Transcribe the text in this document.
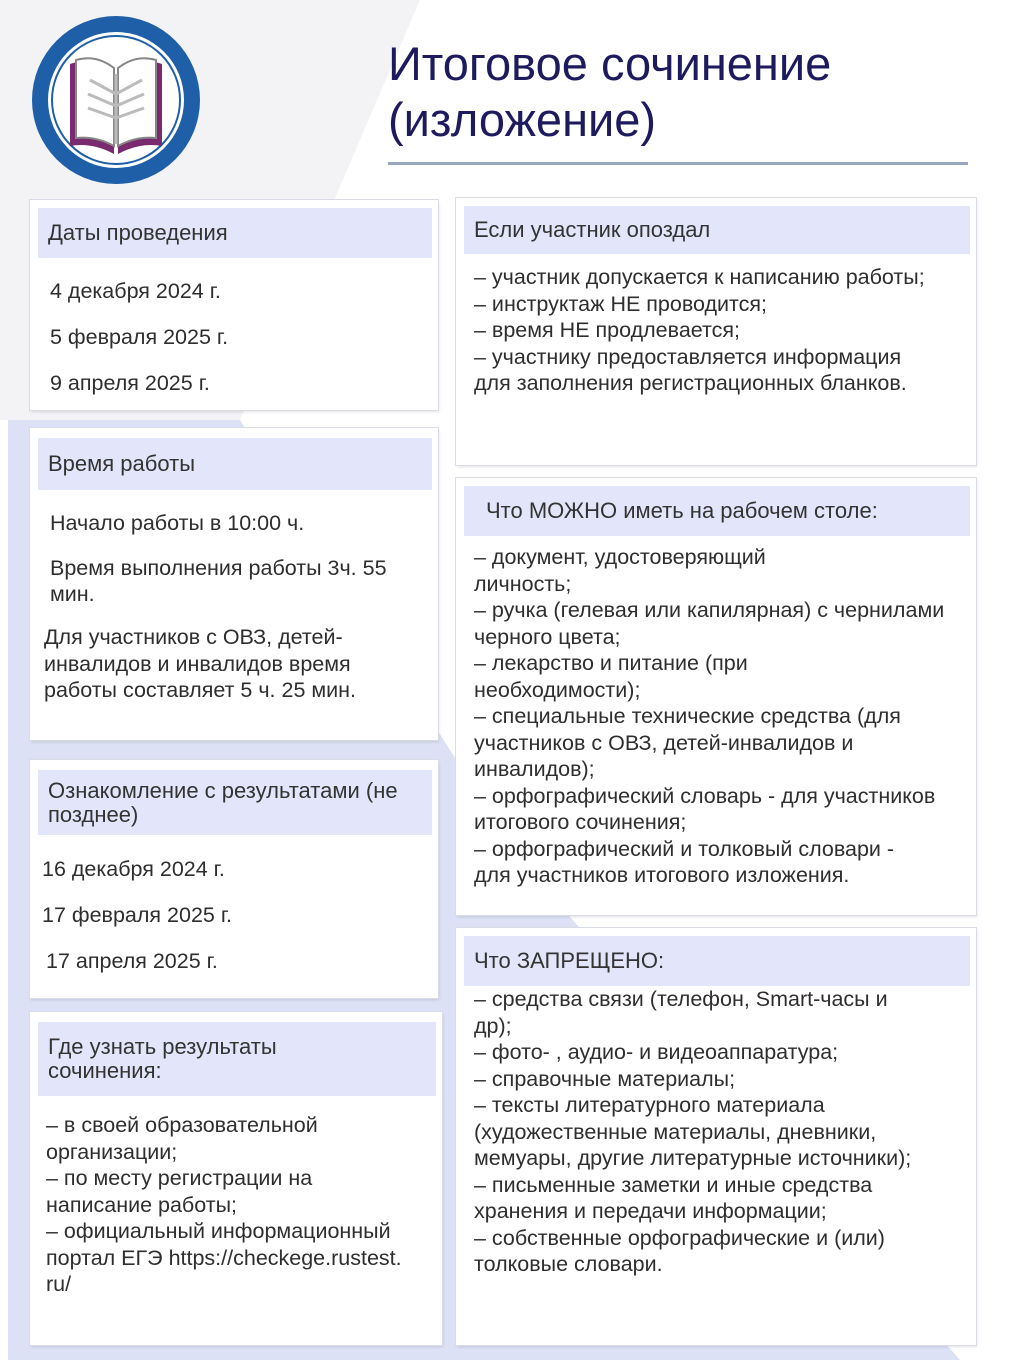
Итоговое сочинение
(изложение)
Даты проведения
4 декабря 2024 г.
5 февраля 2025 г.
9 апреля 2025 г.
Время работы
Начало работы в 10:00 ч.
Время выполнения работы 3ч. 55 мин.
Для участников с ОВЗ, детей-инвалидов и инвалидов время работы составляет 5 ч. 25 мин.
Ознакомление с результатами (не позднее)
16 декабря 2024 г.
17 февраля 2025 г.
17 апреля 2025 г.
Где узнать результаты сочинения:
– в своей образовательной организации;
– по месту регистрации на написание работы;
– официальный информационный портал ЕГЭ https://checkege.rustest.ru/
Если участник опоздал
– участник допускается к написанию работы;
– инструктаж НЕ проводится;
– время НЕ продлевается;
– участнику предоставляется информация для заполнения регистрационных бланков.
Что МОЖНО иметь на рабочем столе:
– документ, удостоверяющий личность;
– ручка (гелевая или капилярная) с чернилами черного цвета;
– лекарство и питание (при необходимости);
– специальные технические средства (для участников с ОВЗ, детей-инвалидов и инвалидов);
– орфографический словарь - для участников итогового сочинения;
– орфографический и толковый словари - для участников итогового изложения.
Что ЗАПРЕЩЕНО:
– средства связи (телефон, Smart-часы и др);
– фото- , аудио- и видеоаппаратура;
– справочные материалы;
– тексты литературного материала (художественные материалы, дневники, мемуары, другие литературные источники);
– письменные заметки и иные средства хранения и передачи информации;
– собственные орфографические и (или) толковые словари.
